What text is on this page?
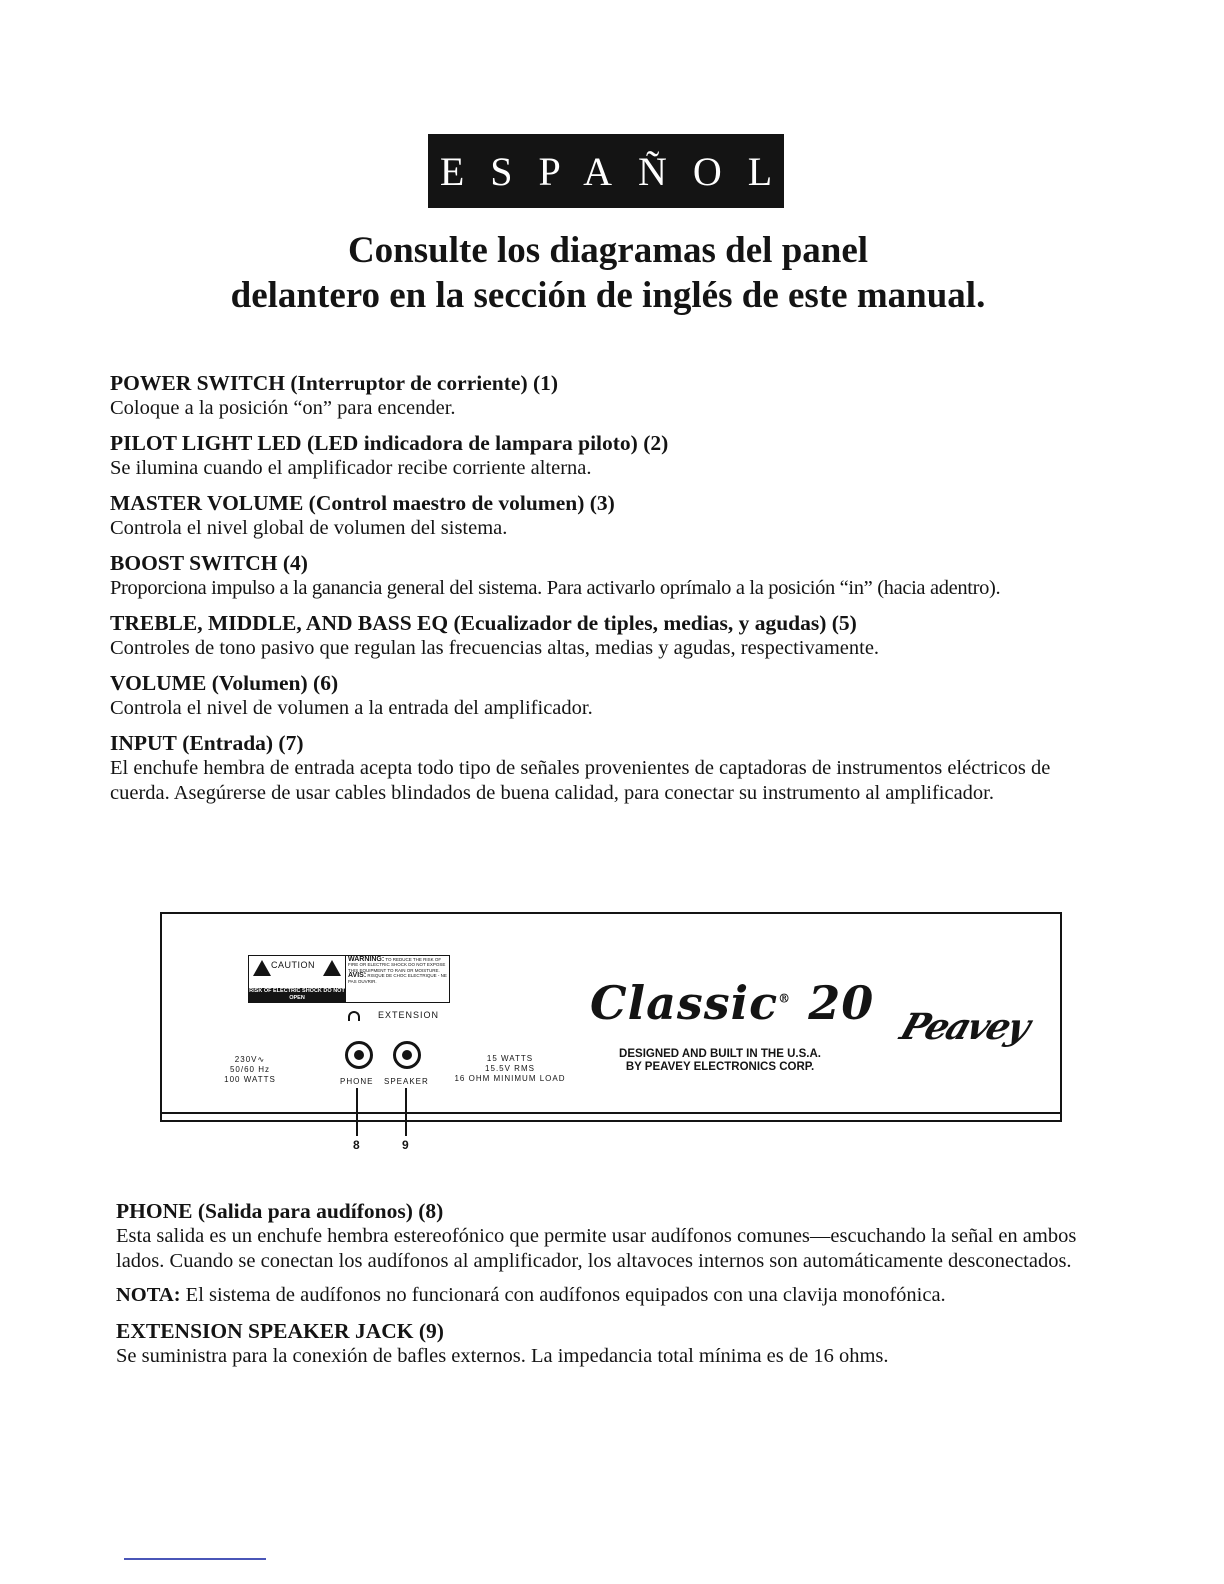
ESPAÑOL
Consulte los diagramas del panel
delantero en la sección de inglés de este manual.
POWER SWITCH (Interruptor de corriente) (1)
Coloque a la posición “on” para encender.
PILOT LIGHT LED (LED indicadora de lampara piloto) (2)
Se ilumina cuando el amplificador recibe corriente alterna.
MASTER VOLUME (Control maestro de volumen) (3)
Controla el nivel global de volumen del sistema.
BOOST SWITCH (4)
Proporciona impulso a la ganancia general del sistema. Para activarlo oprímalo a la posición “in” (hacia adentro).
TREBLE, MIDDLE, AND BASS EQ (Ecualizador de tiples, medias, y agudas) (5)
Controles de tono pasivo que regulan las frecuencias altas, medias y agudas, respectivamente.
VOLUME (Volumen) (6)
Controla el nivel de volumen a la entrada del amplificador.
INPUT (Entrada) (7)
El enchufe hembra de entrada acepta todo tipo de señales provenientes de captadoras de instrumentos eléctricos de cuerda. Asegúrerse de usar cables blindados de buena calidad, para conectar su instrumento al amplificador.
CAUTION
RISK OF ELECTRIC SHOCK DO NOT OPEN
WARNING: TO REDUCE THE RISK OF FIRE OR ELECTRIC SHOCK DO NOT EXPOSE THIS EQUIPMENT TO RAIN OR MOISTURE.
AVIS: RISQUE DE CHOC ELECTRIQUE - NE PAS OUVRIR.
EXTENSION
230V∿
50/60 Hz
100 WATTS	PHONE SPEAKER
15 WATTS
15.5V RMS
16 OHM MINIMUM LOAD
Classic® 20
DESIGNED AND BUILT IN THE U.S.A.
BY PEAVEY ELECTRONICS CORP.
Peavey
8	9
PHONE (Salida para audífonos) (8)
Esta salida es un enchufe hembra estereofónico que permite usar audífonos comunes—escuchando la señal en ambos lados. Cuando se conectan los audífonos al amplificador, los altavoces internos son automáticamente desconectados.
NOTA: El sistema de audífonos no funcionará con audífonos equipados con una clavija monofónica.
EXTENSION SPEAKER JACK (9)
Se suministra para la conexión de bafles externos. La impedancia total mínima es de 16 ohms.
